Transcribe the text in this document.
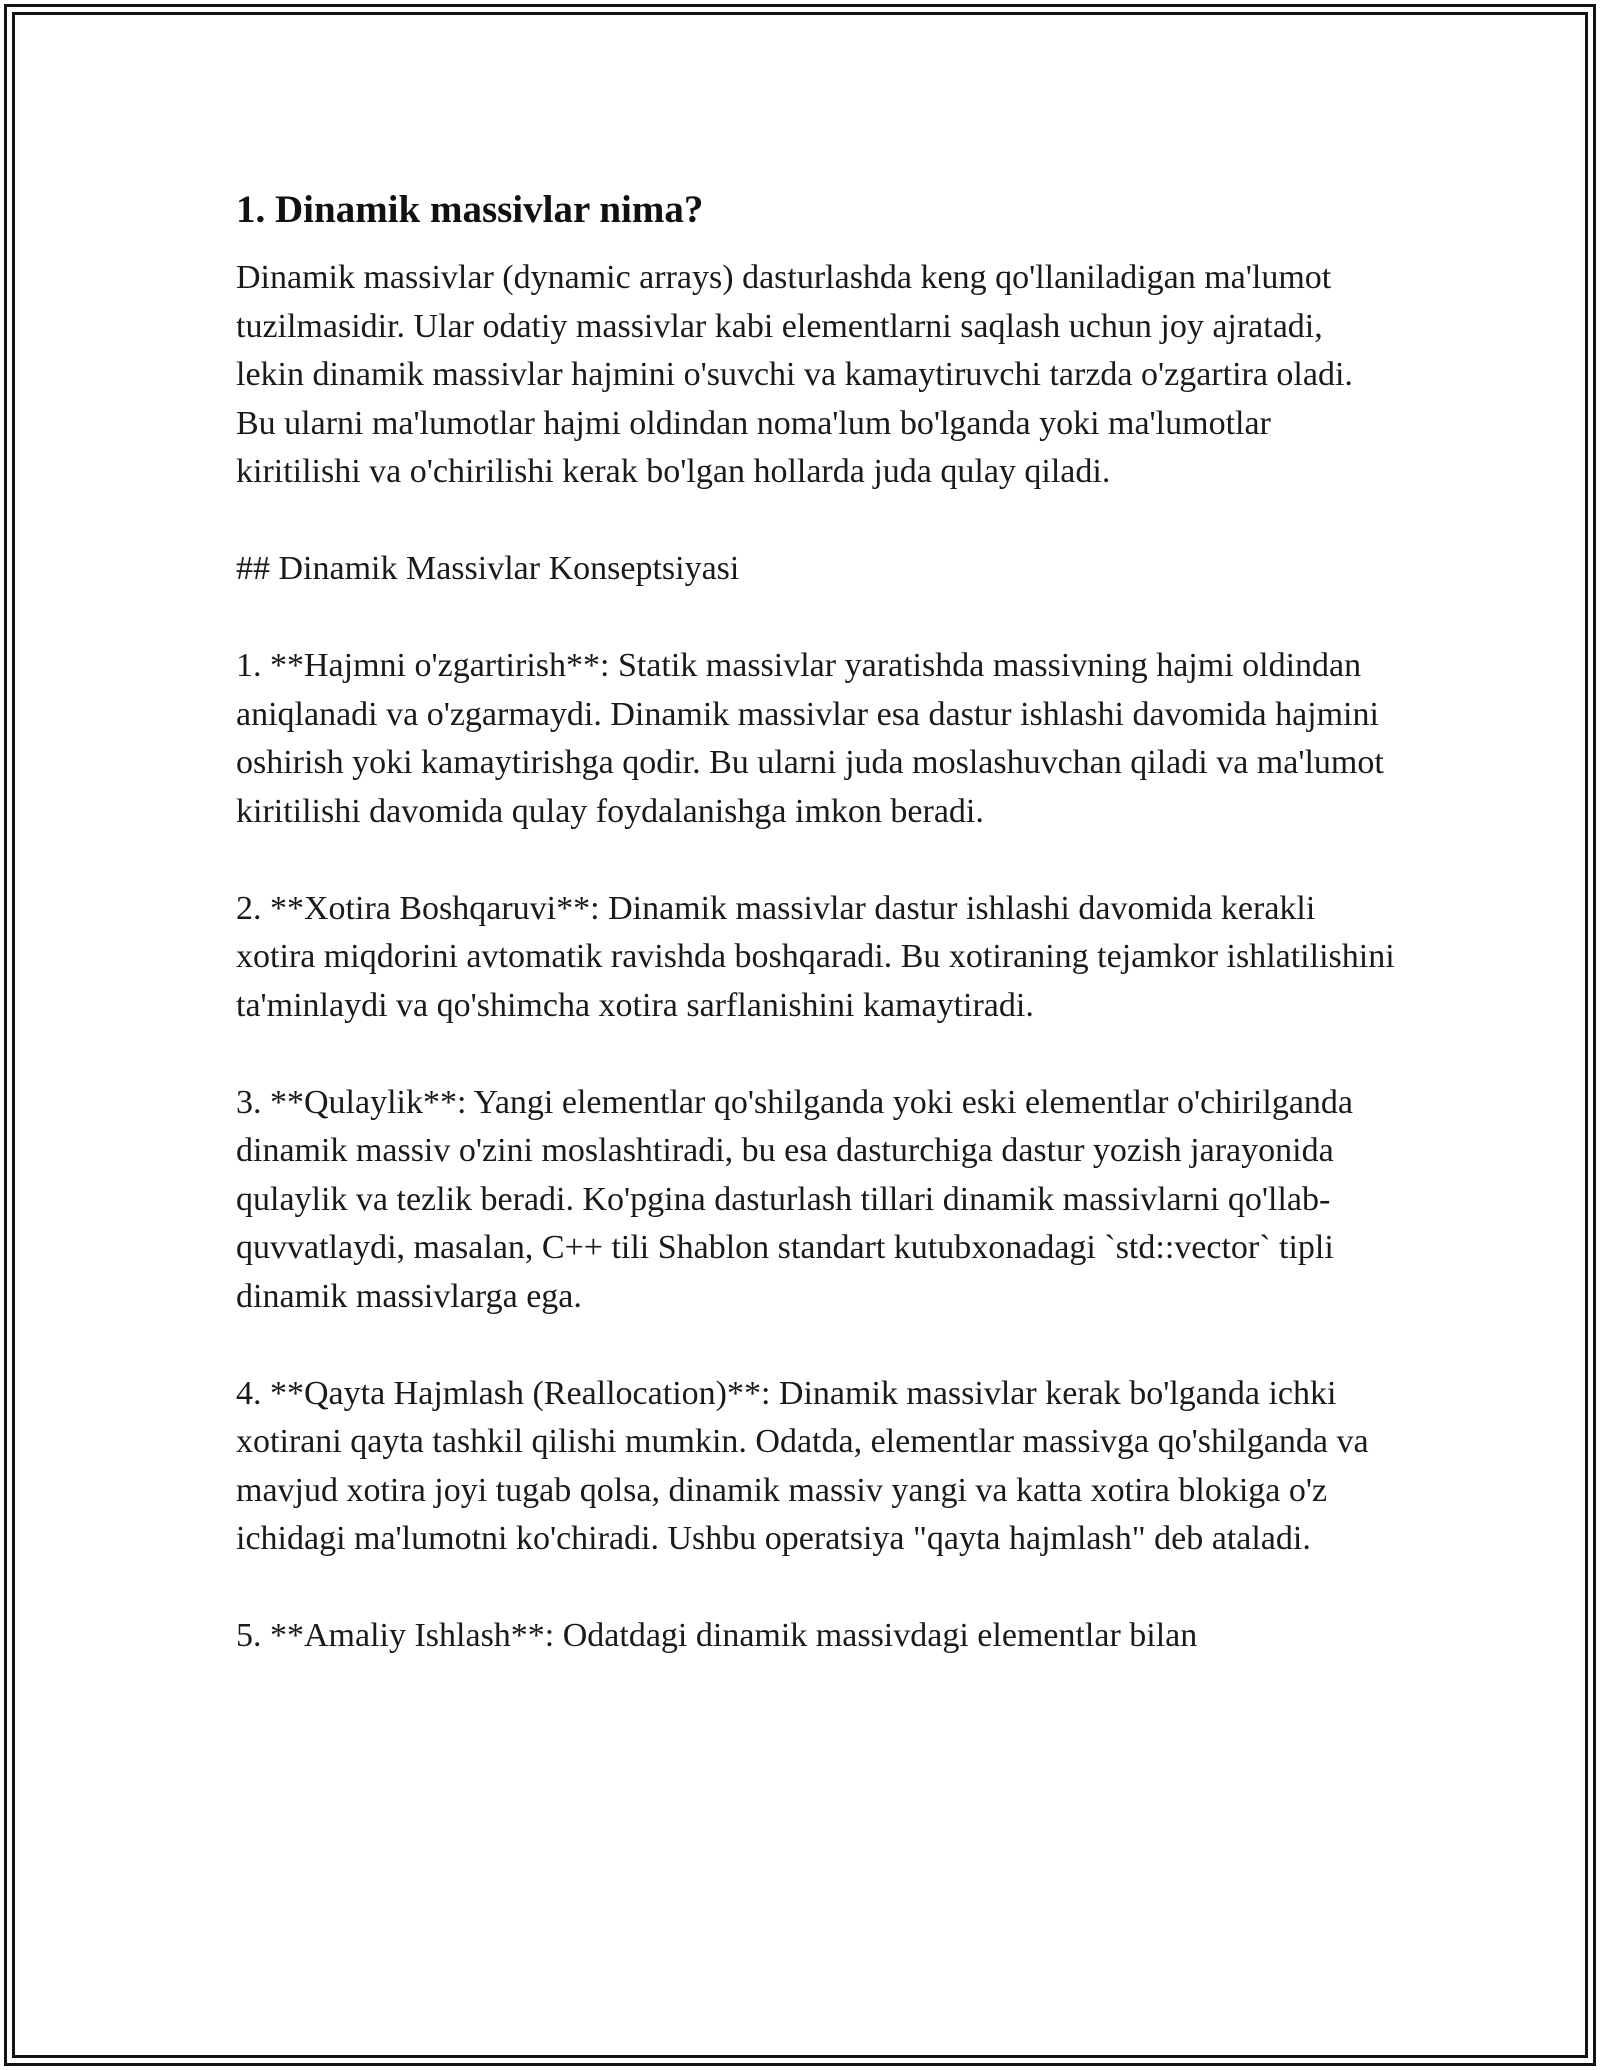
1. Dinamik massivlar nima?

Dinamik massivlar (dynamic arrays) dasturlashda keng qo'llaniladigan ma'lumot tuzilmasidir. Ular odatiy massivlar kabi elementlarni saqlash uchun joy ajratadi, lekin dinamik massivlar hajmini o'suvchi va kamaytiruvchi tarzda o'zgartira oladi. Bu ularni ma'lumotlar hajmi oldindan noma'lum bo'lganda yoki ma'lumotlar kiritilishi va o'chirilishi kerak bo'lgan hollarda juda qulay qiladi.

## Dinamik Massivlar Konseptsiyasi

1. **Hajmni o'zgartirish**: Statik massivlar yaratishda massivning hajmi oldindan aniqlanadi va o'zgarmaydi. Dinamik massivlar esa dastur ishlashi davomida hajmini oshirish yoki kamaytirishga qodir. Bu ularni juda moslashuvchan qiladi va ma'lumot kiritilishi davomida qulay foydalanishga imkon beradi.

2. **Xotira Boshqaruvi**: Dinamik massivlar dastur ishlashi davomida kerakli xotira miqdorini avtomatik ravishda boshqaradi. Bu xotiraning tejamkor ishlatilishini ta'minlaydi va qo'shimcha xotira sarflanishini kamaytiradi.

3. **Qulaylik**: Yangi elementlar qo'shilganda yoki eski elementlar o'chirilganda dinamik massiv o'zini moslashtiradi, bu esa dasturchiga dastur yozish jarayonida qulaylik va tezlik beradi. Ko'pgina dasturlash tillari dinamik massivlarni qo'llab-quvvatlaydi, masalan, C++ tili Shablon standart kutubxonadagi `std::vector` tipli dinamik massivlarga ega.

4. **Qayta Hajmlash (Reallocation)**: Dinamik massivlar kerak bo'lganda ichki xotirani qayta tashkil qilishi mumkin. Odatda, elementlar massivga qo'shilganda va mavjud xotira joyi tugab qolsa, dinamik massiv yangi va katta xotira blokiga o'z ichidagi ma'lumotni ko'chiradi. Ushbu operatsiya "qayta hajmlash" deb ataladi.

5. **Amaliy Ishlash**: Odatdagi dinamik massivdagi elementlar bilan
